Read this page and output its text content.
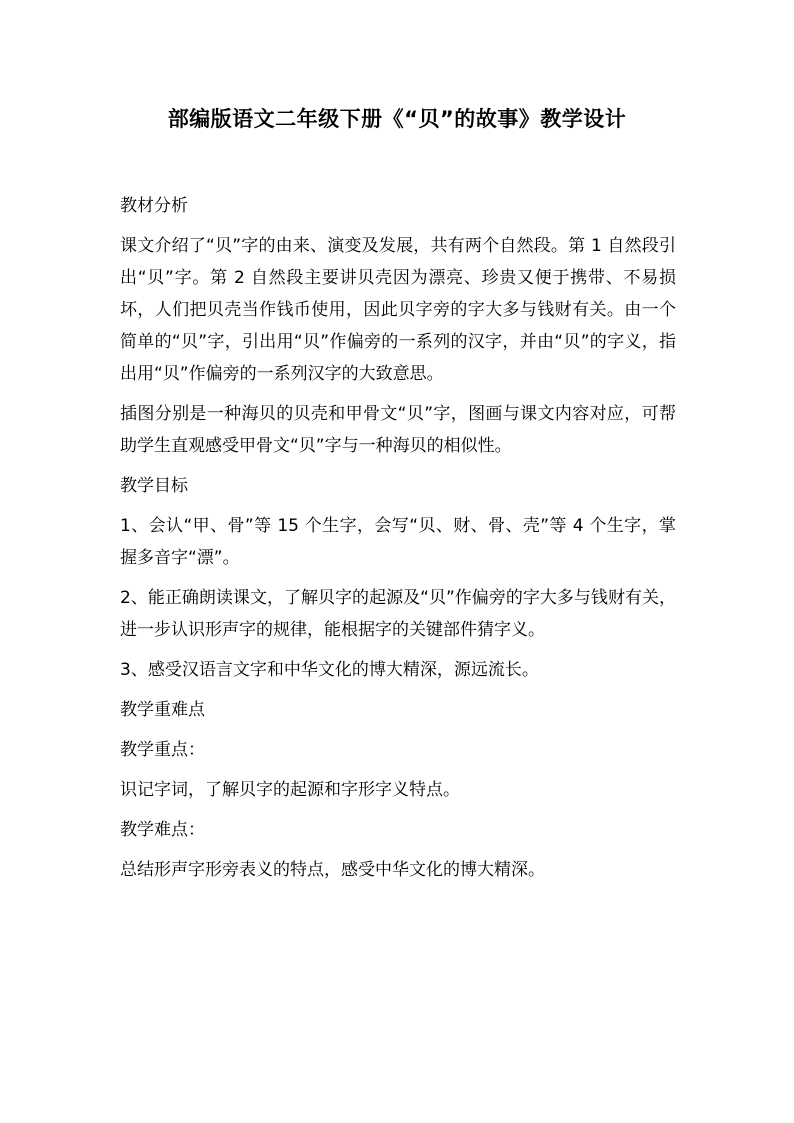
部编版语文二年级下册《“贝”的故事》教学设计

教材分析

课文介绍了“贝”字的由来、演变及发展，共有两个自然段。第 1 自然段引出“贝”字。第 2 自然段主要讲贝壳因为漂亮、珍贵又便于携带、不易损坏，人们把贝壳当作钱币使用，因此贝字旁的字大多与钱财有关。由一个简单的“贝”字，引出用“贝”作偏旁的一系列的汉字，并由“贝”的字义，指出用“贝”作偏旁的一系列汉字的大致意思。

插图分别是一种海贝的贝壳和甲骨文“贝”字，图画与课文内容对应，可帮助学生直观感受甲骨文“贝”字与一种海贝的相似性。

教学目标

1、会认“甲、骨”等 15 个生字，会写“贝、财、骨、壳”等 4 个生字，掌握多音字“漂”。

2、能正确朗读课文，了解贝字的起源及“贝”作偏旁的字大多与钱财有关，进一步认识形声字的规律，能根据字的关键部件猜字义。

3、感受汉语言文字和中华文化的博大精深，源远流长。

教学重难点

教学重点：

识记字词，了解贝字的起源和字形字义特点。

教学难点：

总结形声字形旁表义的特点，感受中华文化的博大精深。
